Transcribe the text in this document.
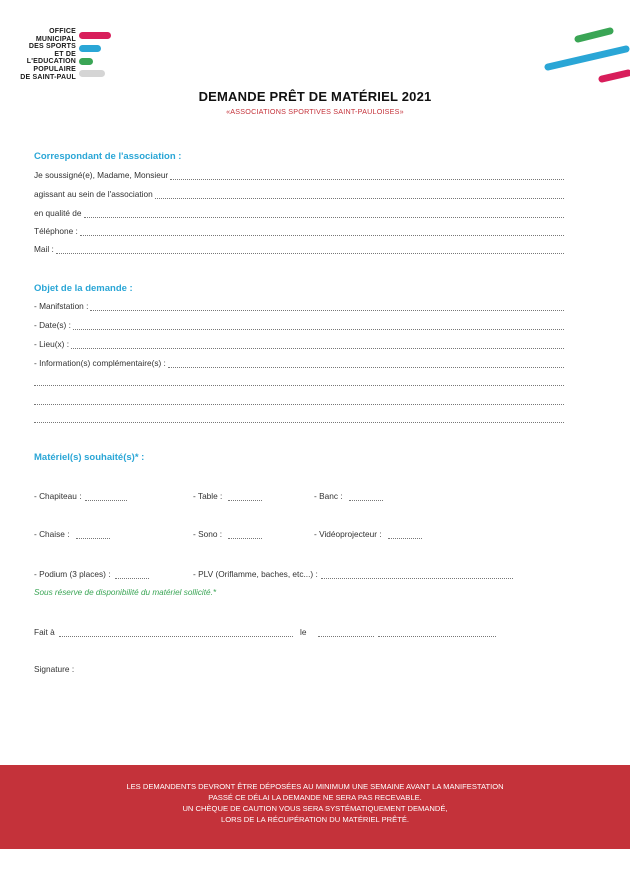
OFFICE
MUNICIPAL
DES SPORTS
ET DE
L'EDUCATION
POPULAIRE
DE SAINT-PAUL
DEMANDE PRÊT DE MATÉRIEL 2021
«ASSOCIATIONS SPORTIVES SAINT-PAULOISES»
Correspondant de l'association :
Je soussigné(e), Madame, Monsieur
agissant au sein de l'association
en qualité de
Téléphone :
Mail :
Objet de la demande :
- Manifstation :
- Date(s) :
- Lieu(x) :
- Information(s) complémentaire(s) :
Matériel(s) souhaité(s)* :
- Chapiteau :	- Table :	- Banc :
- Chaise :	- Sono :	- Vidéoprojecteur :
- Podium (3 places) :	- PLV (Oriflamme, baches, etc...) :
Sous réserve de disponibilité du matériel sollicité.*
Fait à	le
Signature :
LES DEMANDENTS DEVRONT ÊTRE DÉPOSÉES AU MINIMUM UNE SEMAINE AVANT LA MANIFESTATION
PASSÉ CE DÉLAI LA DEMANDE NE SERA PAS RECEVABLE.
UN CHÈQUE DE CAUTION VOUS SERA SYSTÉMATIQUEMENT DEMANDÉ,
LORS DE LA RÉCUPÉRATION DU MATÉRIEL PRÊTÉ.
